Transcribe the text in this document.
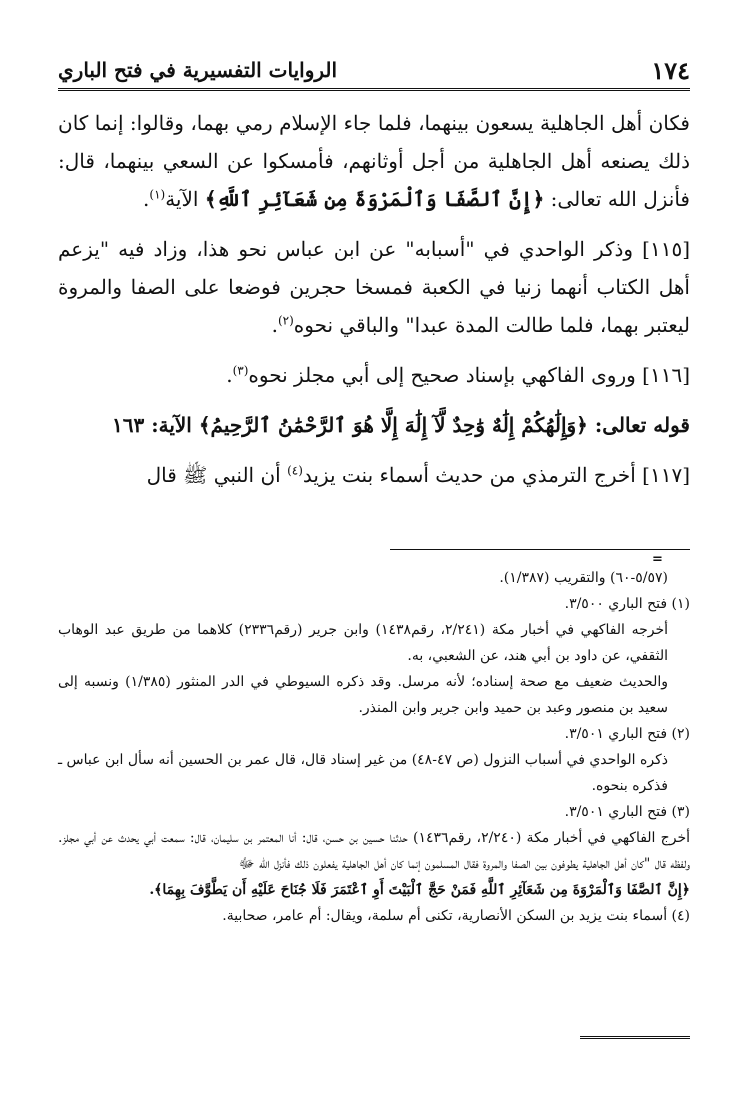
١٧٤
الروايات التفسيرية في فتح الباري

فكان أهل الجاهلية يسعون بينهما، فلما جاء الإسلام رمي بهما، وقالوا: إنما كان ذلك يصنعه أهل الجاهلية من أجل أوثانهم، فأمسكوا عن السعي بينهما، قال: فأنزل الله تعالى: ﴿إِنَّ ٱلصَّفَا وَٱلْمَرْوَةَ مِن شَعَآئِرِ ٱللَّهِ﴾ الآية$^{(١)}$.

[١١٥] وذكر الواحدي في "أسبابه" عن ابن عباس نحو هذا، وزاد فيه "يزعم أهل الكتاب أنهما زنيا في الكعبة فمسخا حجرين فوضعا على الصفا والمروة ليعتبر بهما، فلما طالت المدة عبدا" والباقي نحوه$^{(٢)}$.

[١١٦] وروى الفاكهي بإسناد صحيح إلى أبي مجلز نحوه$^{(٣)}$.

قوله تعالى: ﴿وَإِلَٰهُكُمْ إِلَٰهٌ وَٰحِدٌ لَّآ إِلَٰهَ إِلَّا هُوَ ٱلرَّحْمَٰنُ ٱلرَّحِيمُ﴾ الآية: ١٦٣

[١١٧] أخرج الترمذي من حديث أسماء بنت يزيد$^{(٤)}$ أن النبي ﷺ قال

=

(٥/٥٧-٦٠) والتقريب (١/٣٨٧).

(١) فتح الباري ٣/٥٠٠.

أخرجه الفاكهي في أخبار مكة (٢/٢٤١، رقم١٤٣٨) وابن جرير (رقم٢٣٣٦) كلاهما من طريق عبد الوهاب الثقفي، عن داود بن أبي هند، عن الشعبي، به.

والحديث ضعيف مع صحة إسناده؛ لأنه مرسل. وقد ذكره السيوطي في الدر المنثور (١/٣٨٥) ونسبه إلى سعيد بن منصور وعبد بن حميد وابن جرير وابن المنذر.

(٢) فتح الباري ٣/٥٠١.

ذكره الواحدي في أسباب النزول (ص ٤٧-٤٨) من غير إسناد قال، قال عمر بن الحسين أنه سأل ابن عباس ـ فذكره بنحوه.

(٣) فتح الباري ٣/٥٠١.

أخرج الفاكهي في أخبار مكة (٢/٢٤٠، رقم١٤٣٦) حدثنا حسين بن حسن، قال: أنا المعتمر بن سليمان، قال: سمعت أبي يحدث عن أبي مجلز. ولفظه قال "كان أهل الجاهلية يطوفون بين الصفا والمروة فقال المسلمون إنما كان أهل الجاهلية يفعلون ذلك فأنزل الله ﷻ

﴿إِنَّ ٱلصَّفَا وَٱلْمَرْوَةَ مِن شَعَآئِرِ ٱللَّهِ فَمَنْ حَجَّ ٱلْبَيْتَ أَوِ ٱعْتَمَرَ فَلَا جُنَاحَ عَلَيْهِ أَن يَطَّوَّفَ بِهِمَا﴾.

(٤) أسماء بنت يزيد بن السكن الأنصارية، تكنى أم سلمة، ويقال: أم عامر، صحابية.
